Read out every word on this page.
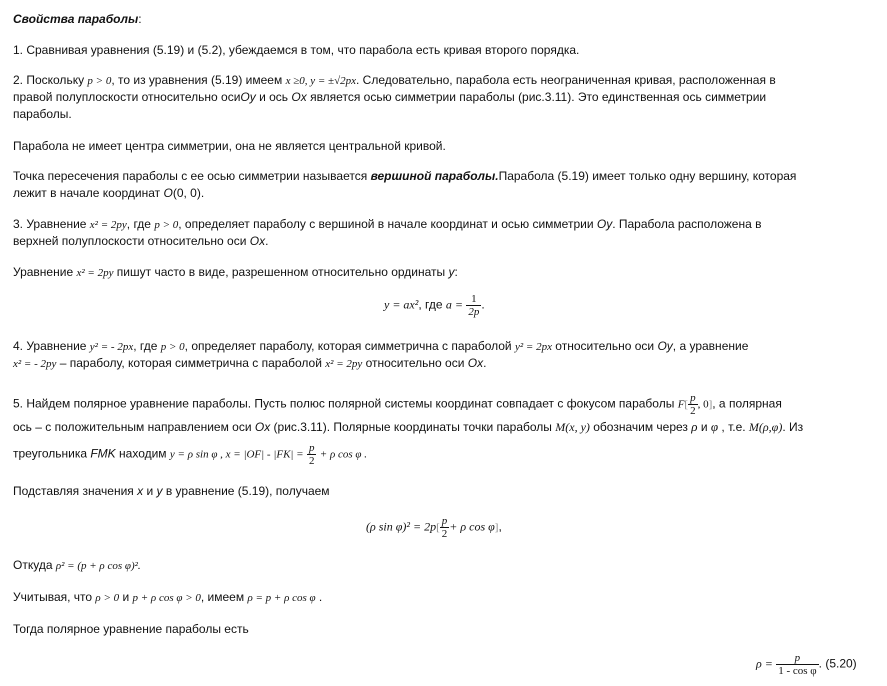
Свойства параболы:
1. Сравнивая уравнения (5.19) и (5.2), убеждаемся в том, что парабола есть кривая второго порядка.
2. Поскольку p > 0, то из уравнения (5.19) имеем x ≥0, y = ±√2px. Следовательно, парабола есть неограниченная кривая, расположенная в
правой полуплоскости относительно осиOy и ось Ox является осью симметрии параболы (рис.3.11). Это единственная ось симметрии
параболы.
Парабола не имеет центра симметрии, она не является центральной кривой.
Точка пересечения параболы с ее осью симметрии называется вершиной параболы.Парабола (5.19) имеет только одну вершину, которая
лежит в начале координат O(0, 0).
3. Уравнение x² = 2py, где p > 0, определяет параболу с вершиной в начале координат и осью симметрии Oy. Парабола расположена в
верхней полуплоскости относительно оси Ox.
Уравнение x² = 2py пишут часто в виде, разрешенном относительно ординаты y:
y = ax², где $a = \frac{1}{2p}$ .
4. Уравнение y² = - 2px, где p > 0, определяет параболу, которая симметрична с параболой y² = 2px относительно оси Oy, а уравнение
x² = - 2py – параболу, которая симметрична с параболой x² = 2py относительно оси Ox.
5. Найдем полярное уравнение параболы. Пусть полюс полярной системы координат совпадает с фокусом параболы $F[ \frac{p}{2}$ , 0], а полярная
ось – с положительным направлением оси Ox (рис.3.11). Полярные координаты точки параболы M(x, y) обозначим через ρ и φ , т.е. M(ρ,φ). Из
треугольника FMK находим y = ρ sin φ , $x = |OF| - |FK| = \frac{p}{2} + \rho$ cos φ .
Подставляя значения x и y в уравнение (5.19), получаем
(ρ $\sin \varphi)^2 = 2p[ \frac{p}{2} + \rho$ cos φ],
Откуда ρ² = (p + ρ cos φ)².
Учитывая, что ρ > 0 и p + ρ cos φ > 0, имеем ρ = p + ρ cos φ .
Тогда полярное уравнение параболы есть
$\rho = \frac{p}{\text{1 - cos φ}}$ . (5.20)
